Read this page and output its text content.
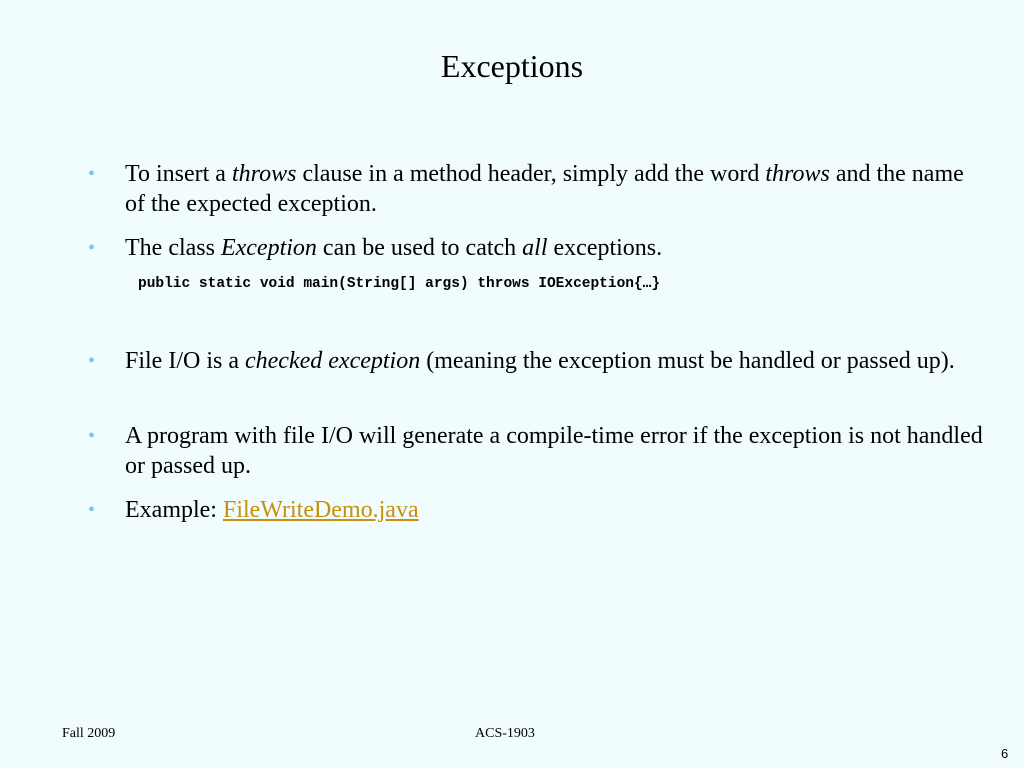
Exceptions
• To insert a throws clause in a method header, simply add the word throws and the name of the expected exception.
• The class Exception can be used to catch all exceptions.
public static void main(String[] args) throws IOException{…}
• File I/O is a checked exception (meaning the exception must be handled or passed up).
• A program with file I/O will generate a compile-time error if the exception is not handled or passed up.
• Example: FileWriteDemo.java
Fall 2009	ACS-1903
6
